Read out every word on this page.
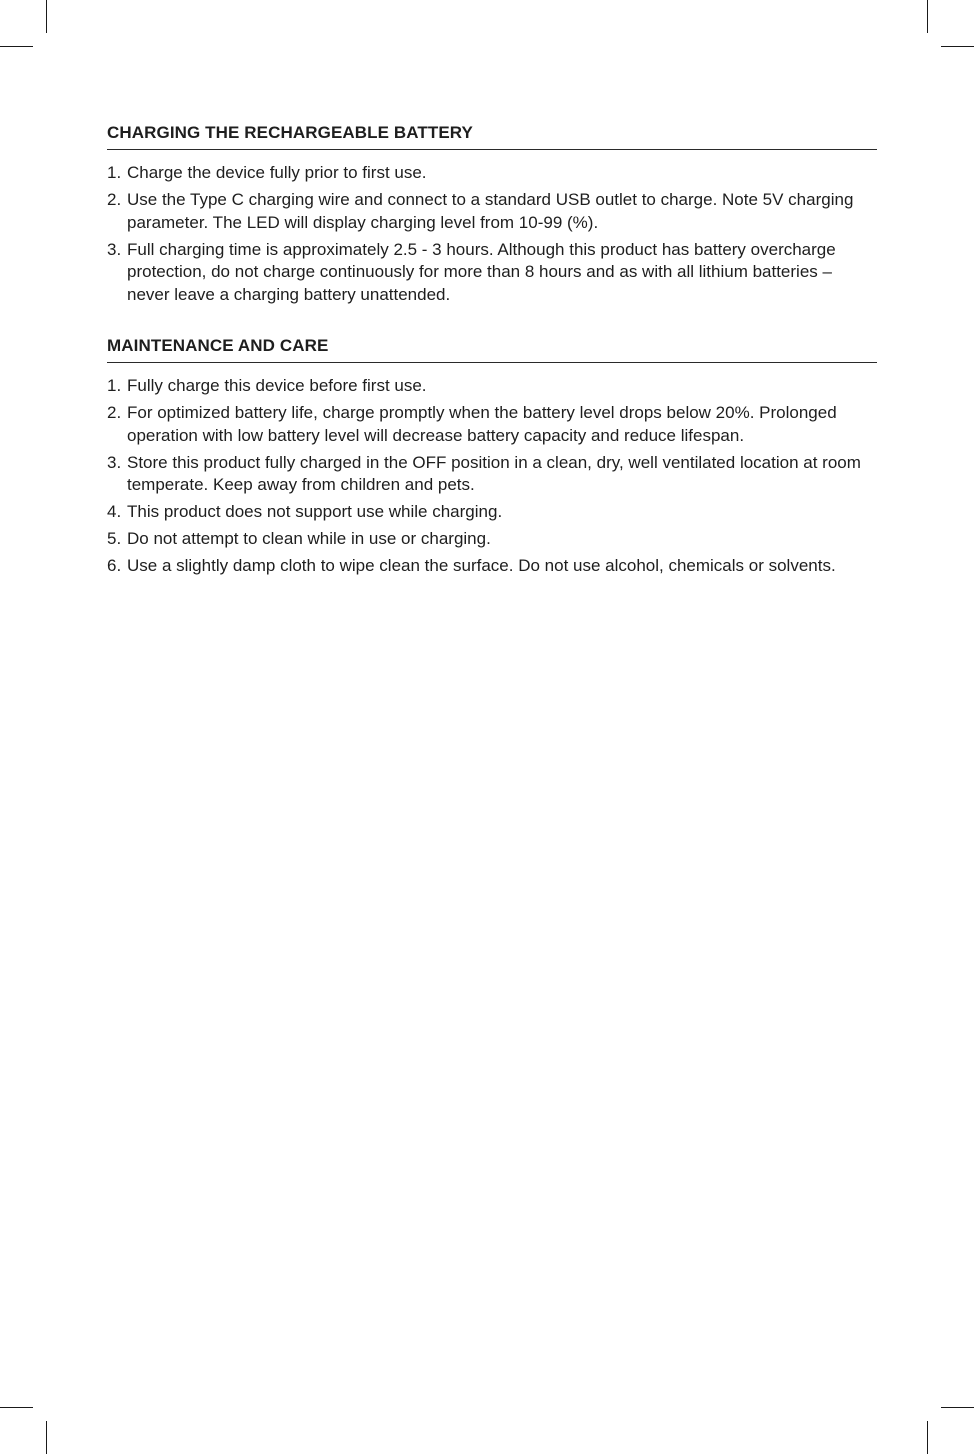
CHARGING THE RECHARGEABLE BATTERY
1. Charge the device fully prior to first use.
2. Use the Type C charging wire and connect to a standard USB outlet to charge. Note 5V charging parameter. The LED will display charging level from 10-99 (%).
3. Full charging time is approximately 2.5 - 3 hours. Although this product has battery overcharge protection, do not charge continuously for more than 8 hours and as with all lithium batteries – never leave a charging battery unattended.
MAINTENANCE AND CARE
1. Fully charge this device before first use.
2. For optimized battery life, charge promptly when the battery level drops below 20%. Prolonged operation with low battery level will decrease battery capacity and reduce lifespan.
3. Store this product fully charged in the OFF position in a clean, dry, well ventilated location at room temperate. Keep away from children and pets.
4. This product does not support use while charging.
5. Do not attempt to clean while in use or charging.
6. Use a slightly damp cloth to wipe clean the surface. Do not use alcohol, chemicals or solvents.
